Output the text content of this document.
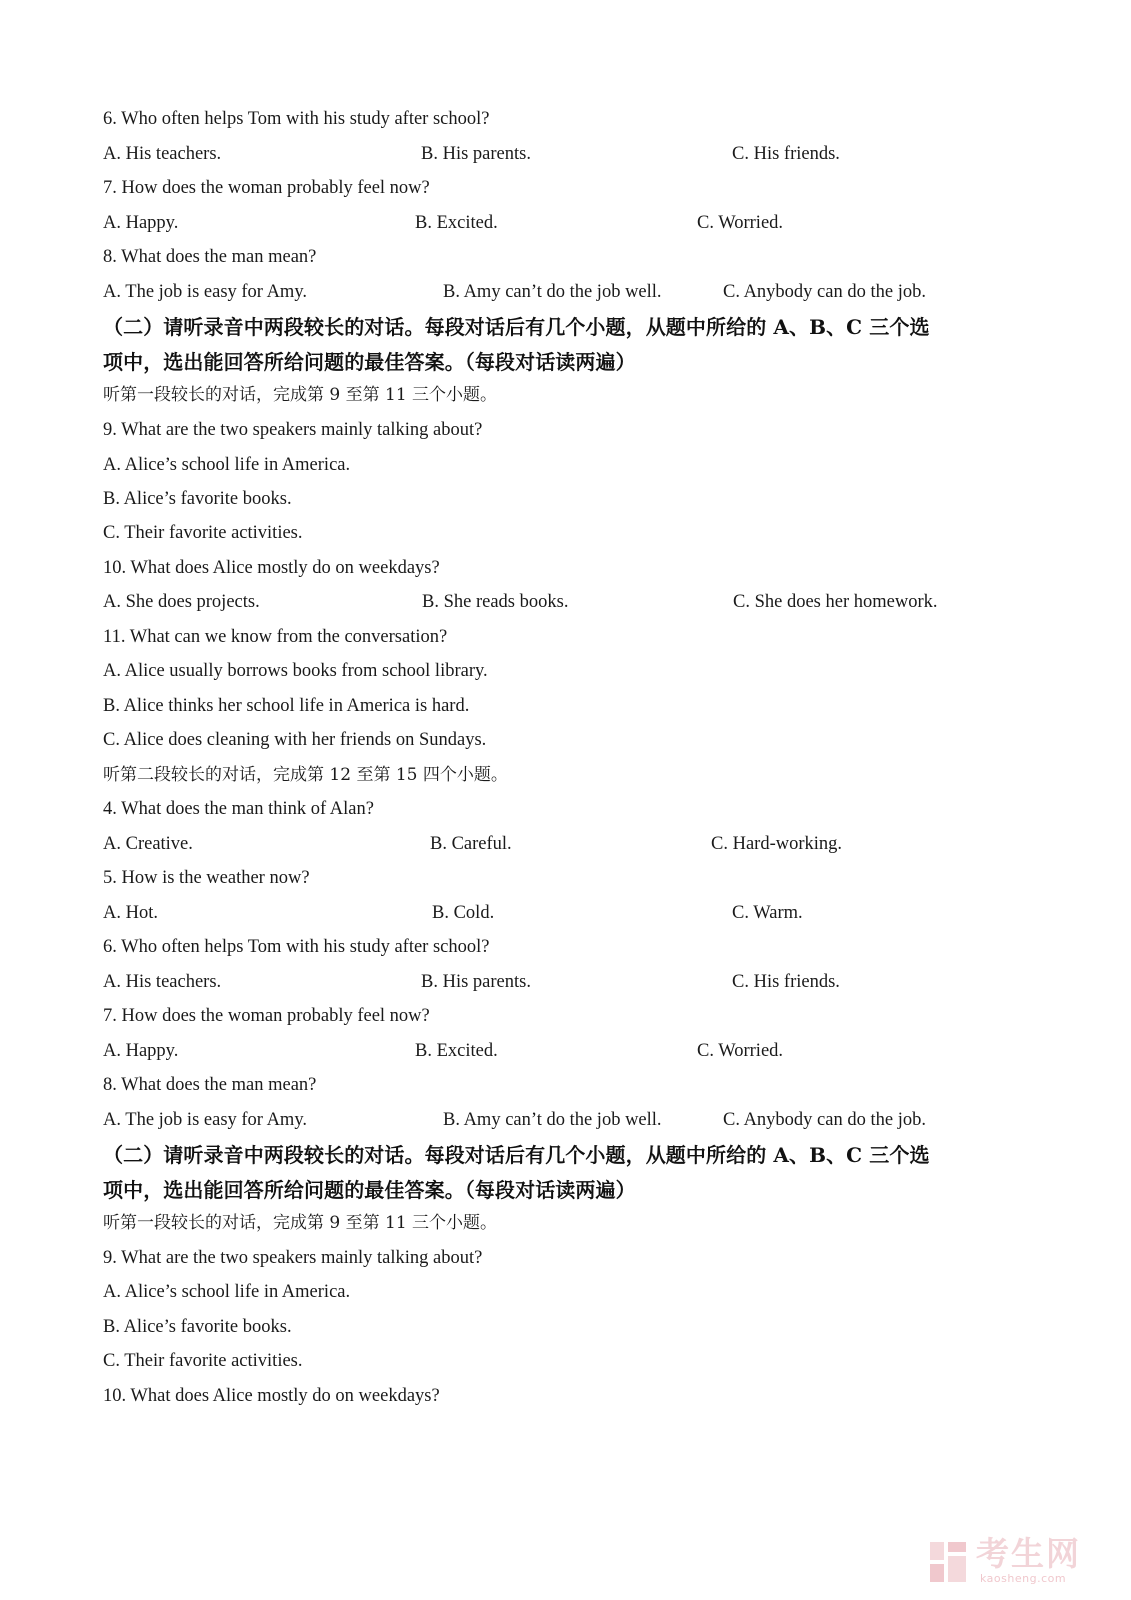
6. Who often helps Tom with his study after school?
A. His teachers.	B. His parents.	C. His friends.
7. How does the woman probably feel now?
A. Happy.	B. Excited.	C. Worried.
8. What does the man mean?
A. The job is easy for Amy.	B. Amy can’t do the job well.	C. Anybody can do the job.
（二）请听录音中两段较长的对话。每段对话后有几个小题，从题中所给的 A、B、C 三个选
项中，选出能回答所给问题的最佳答案。（每段对话读两遍）
听第一段较长的对话，完成第 9 至第 11 三个小题。
9. What are the two speakers mainly talking about?
A. Alice’s school life in America.
B. Alice’s favorite books.
C. Their favorite activities.
10. What does Alice mostly do on weekdays?
A. She does projects.	B. She reads books.	C. She does her homework.
11. What can we know from the conversation?
A. Alice usually borrows books from school library.
B. Alice thinks her school life in America is hard.
C. Alice does cleaning with her friends on Sundays.
听第二段较长的对话，完成第 12 至第 15 四个小题。
4. What does the man think of Alan?
A. Creative.	B. Careful.	C. Hard-working.
5. How is the weather now?
A. Hot.	B. Cold.	C. Warm.
6. Who often helps Tom with his study after school?
A. His teachers.	B. His parents.	C. His friends.
7. How does the woman probably feel now?
A. Happy.	B. Excited.	C. Worried.
8. What does the man mean?
A. The job is easy for Amy.	B. Amy can’t do the job well.	C. Anybody can do the job.
（二）请听录音中两段较长的对话。每段对话后有几个小题，从题中所给的 A、B、C 三个选
项中，选出能回答所给问题的最佳答案。（每段对话读两遍）
听第一段较长的对话，完成第 9 至第 11 三个小题。
9. What are the two speakers mainly talking about?
A. Alice’s school life in America.
B. Alice’s favorite books.
C. Their favorite activities.
10. What does Alice mostly do on weekdays?
考生网
kaosheng.com
